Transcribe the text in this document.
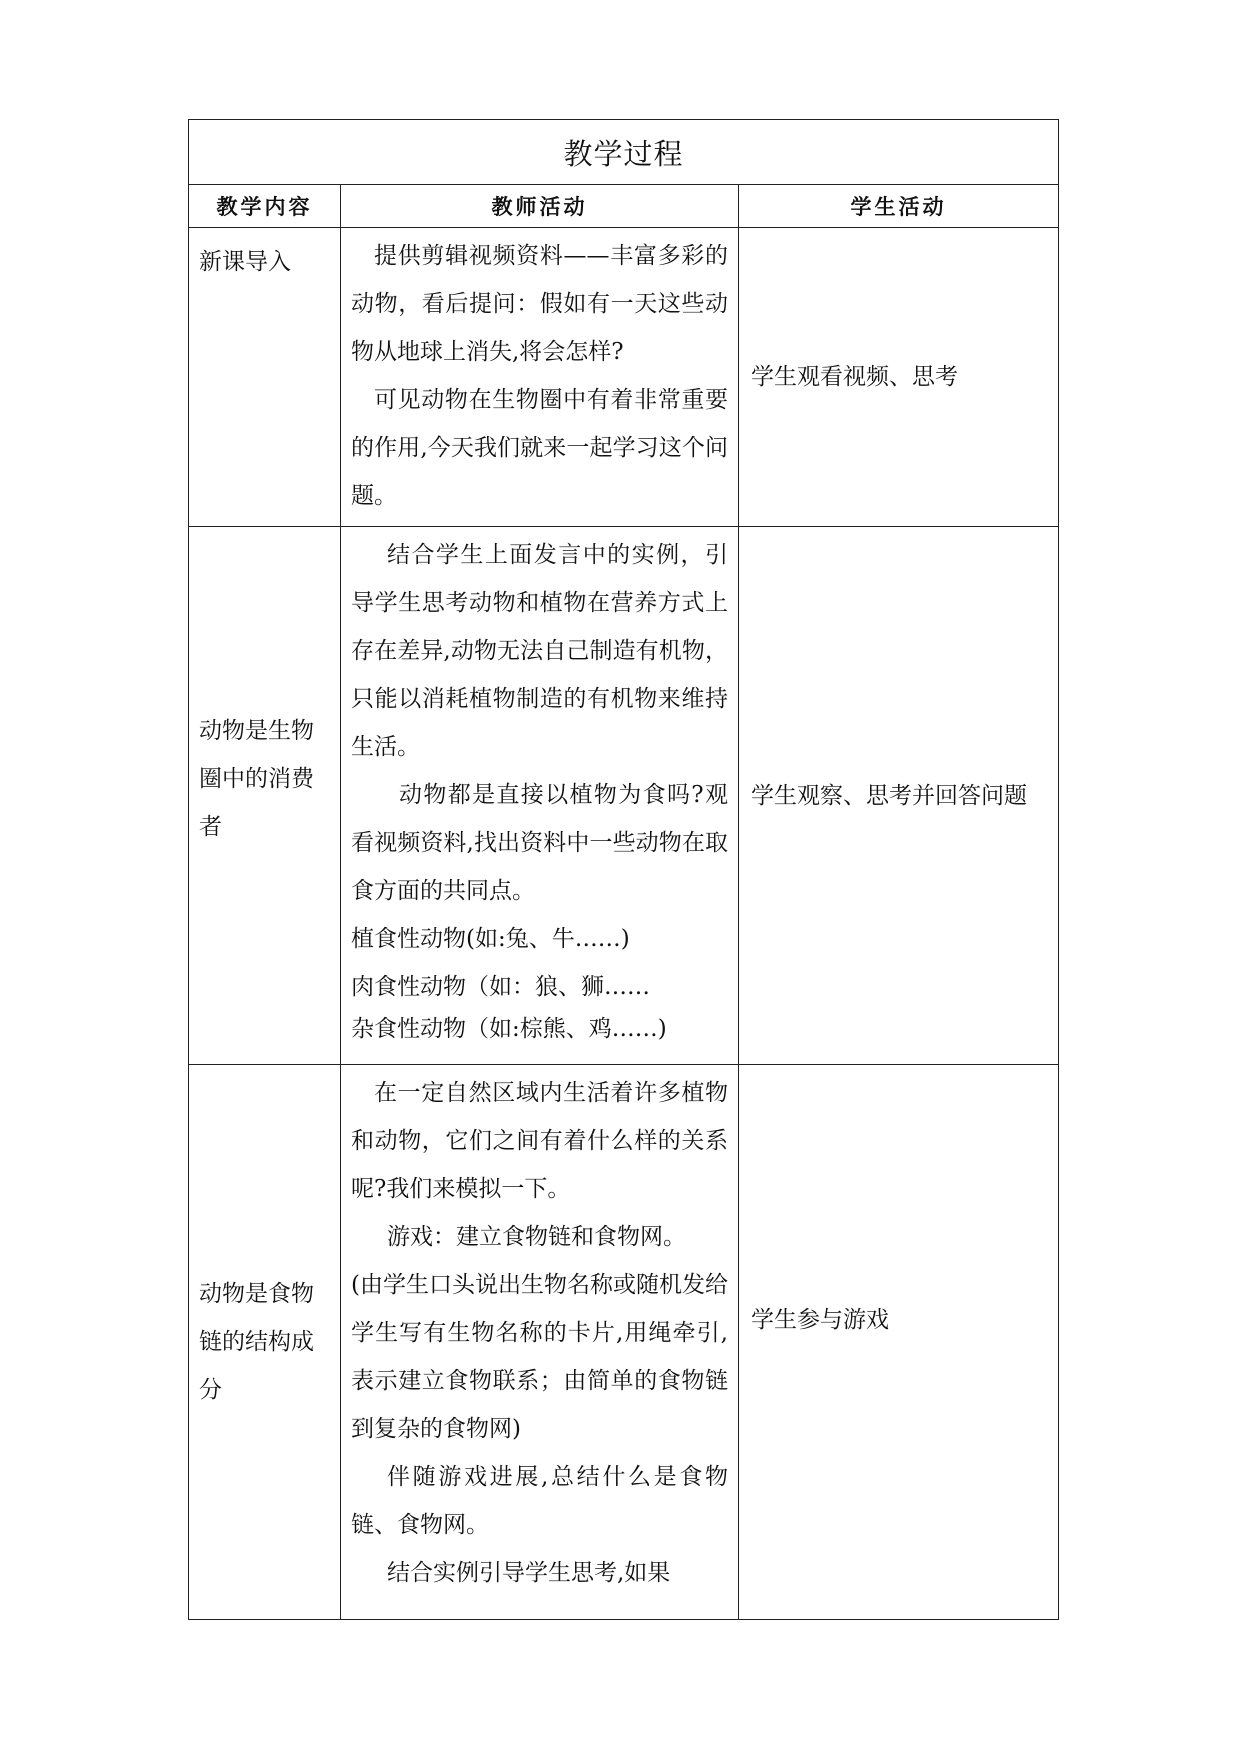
教学过程		
教学内容	教师活动	学生活动
新课导入	提供剪辑视频资料——丰富多彩的动物，看后提问：假如有一天这些动物从地球上消失,将会怎样?

可见动物在生物圈中有着非常重要的作用,今天我们就来一起学习这个问题。	学生观看视频、思考

动物是生物圈中的消费者	结合学生上面发言中的实例，引导学生思考动物和植物在营养方式上存在差异,动物无法自己制造有机物，只能以消耗植物制造的有机物来维持生活。

动物都是直接以植物为食吗?观看视频资料,找出资料中一些动物在取食方面的共同点。

植食性动物(如:兔、牛……)

肉食性动物（如：狼、狮……

杂食性动物（如:棕熊、鸡……)	学生观察、思考并回答问题

动物是食物链的结构成分	在一定自然区域内生活着许多植物和动物，它们之间有着什么样的关系呢?我们来模拟一下。

游戏：建立食物链和食物网。

(由学生口头说出生物名称或随机发给学生写有生物名称的卡片,用绳牵引,表示建立食物联系；由简单的食物链到复杂的食物网)

伴随游戏进展,总结什么是食物链、食物网。

结合实例引导学生思考,如果	学生参与游戏
